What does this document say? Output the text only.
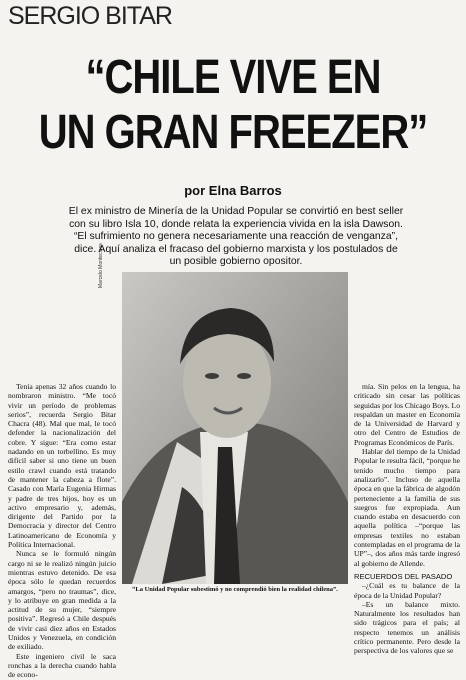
SERGIO BITAR
“CHILE VIVE EN
UN GRAN FREEZER”
por Elna Barros
El ex ministro de Minería de la Unidad Popular se convirtió en best seller con su libro Isla 10, donde relata la experiencia vivida en la isla Dawson. “El sufrimiento no genera necesariamente una reacción de venganza”, dice. Aquí analiza el fracaso del gobierno marxista y los postulados de un posible gobierno opositor.
Marcelo Montecinos
“La Unidad Popular subestimó y no comprendió bien la realidad chilena”.

Tenía apenas 32 años cuando lo nombraron ministro. “Me tocó vivir un período de problemas serios”, recuerda Sergio Bitar Chacra (48). Mal que mal, le tocó defender la nacionalización del cobre. Y sigue: “Era como estar nadando en un torbellino. Es muy difícil saber si uno tiene un buen estilo crawl cuando está tratando de mantener la cabeza a flote”. Casado con María Eugenia Hirmas y padre de tres hijos, hoy es un activo empresario y, además, dirigente del Partido por la Democracia y director del Centro Latinoamericano de Economía y Política Internacional.

Nunca se le formuló ningún cargo ni se le realizó ningún juicio mientras estuvo detenido. De esa época sólo le quedan recuerdos amargos, “pero no traumas”, dice, y lo atribuye en gran medida a la actitud de su mujer, “siempre positiva”. Regresó a Chile después de vivir casi diez años en Estados Unidos y Venezuela, en condición de exiliado.

Este ingeniero civil le saca ronchas a la derecha cuando habla de econo-

mía. Sin pelos en la lengua, ha criticado sin cesar las políticas seguidas por los Chicago Boys. Lo respaldan un master en Economía de la Universidad de Harvard y otro del Centro de Estudios de Programas Económicos de París.

Hablar del tiempo de la Unidad Popular le resulta fácil, “porque he tenido mucho tiempo para analizarlo”. Incluso de aquella época en que la fábrica de algodón perteneciente a la familia de sus suegros fue expropiada. Aun cuando estaba en desacuerdo con aquella política –“porque las empresas textiles no estaban contempladas en el programa de la UP”–, dos años más tarde ingresó al gobierno de Allende.

RECUERDOS DEL PASADO

–¿Cuál es tu balance de la época de la Unidad Popular?

–Es un balance mixto. Naturalmente los resultados han sido trágicos para el país; al respecto tenemos un análisis crítico permanente. Pero desde la perspectiva de los valores que se
